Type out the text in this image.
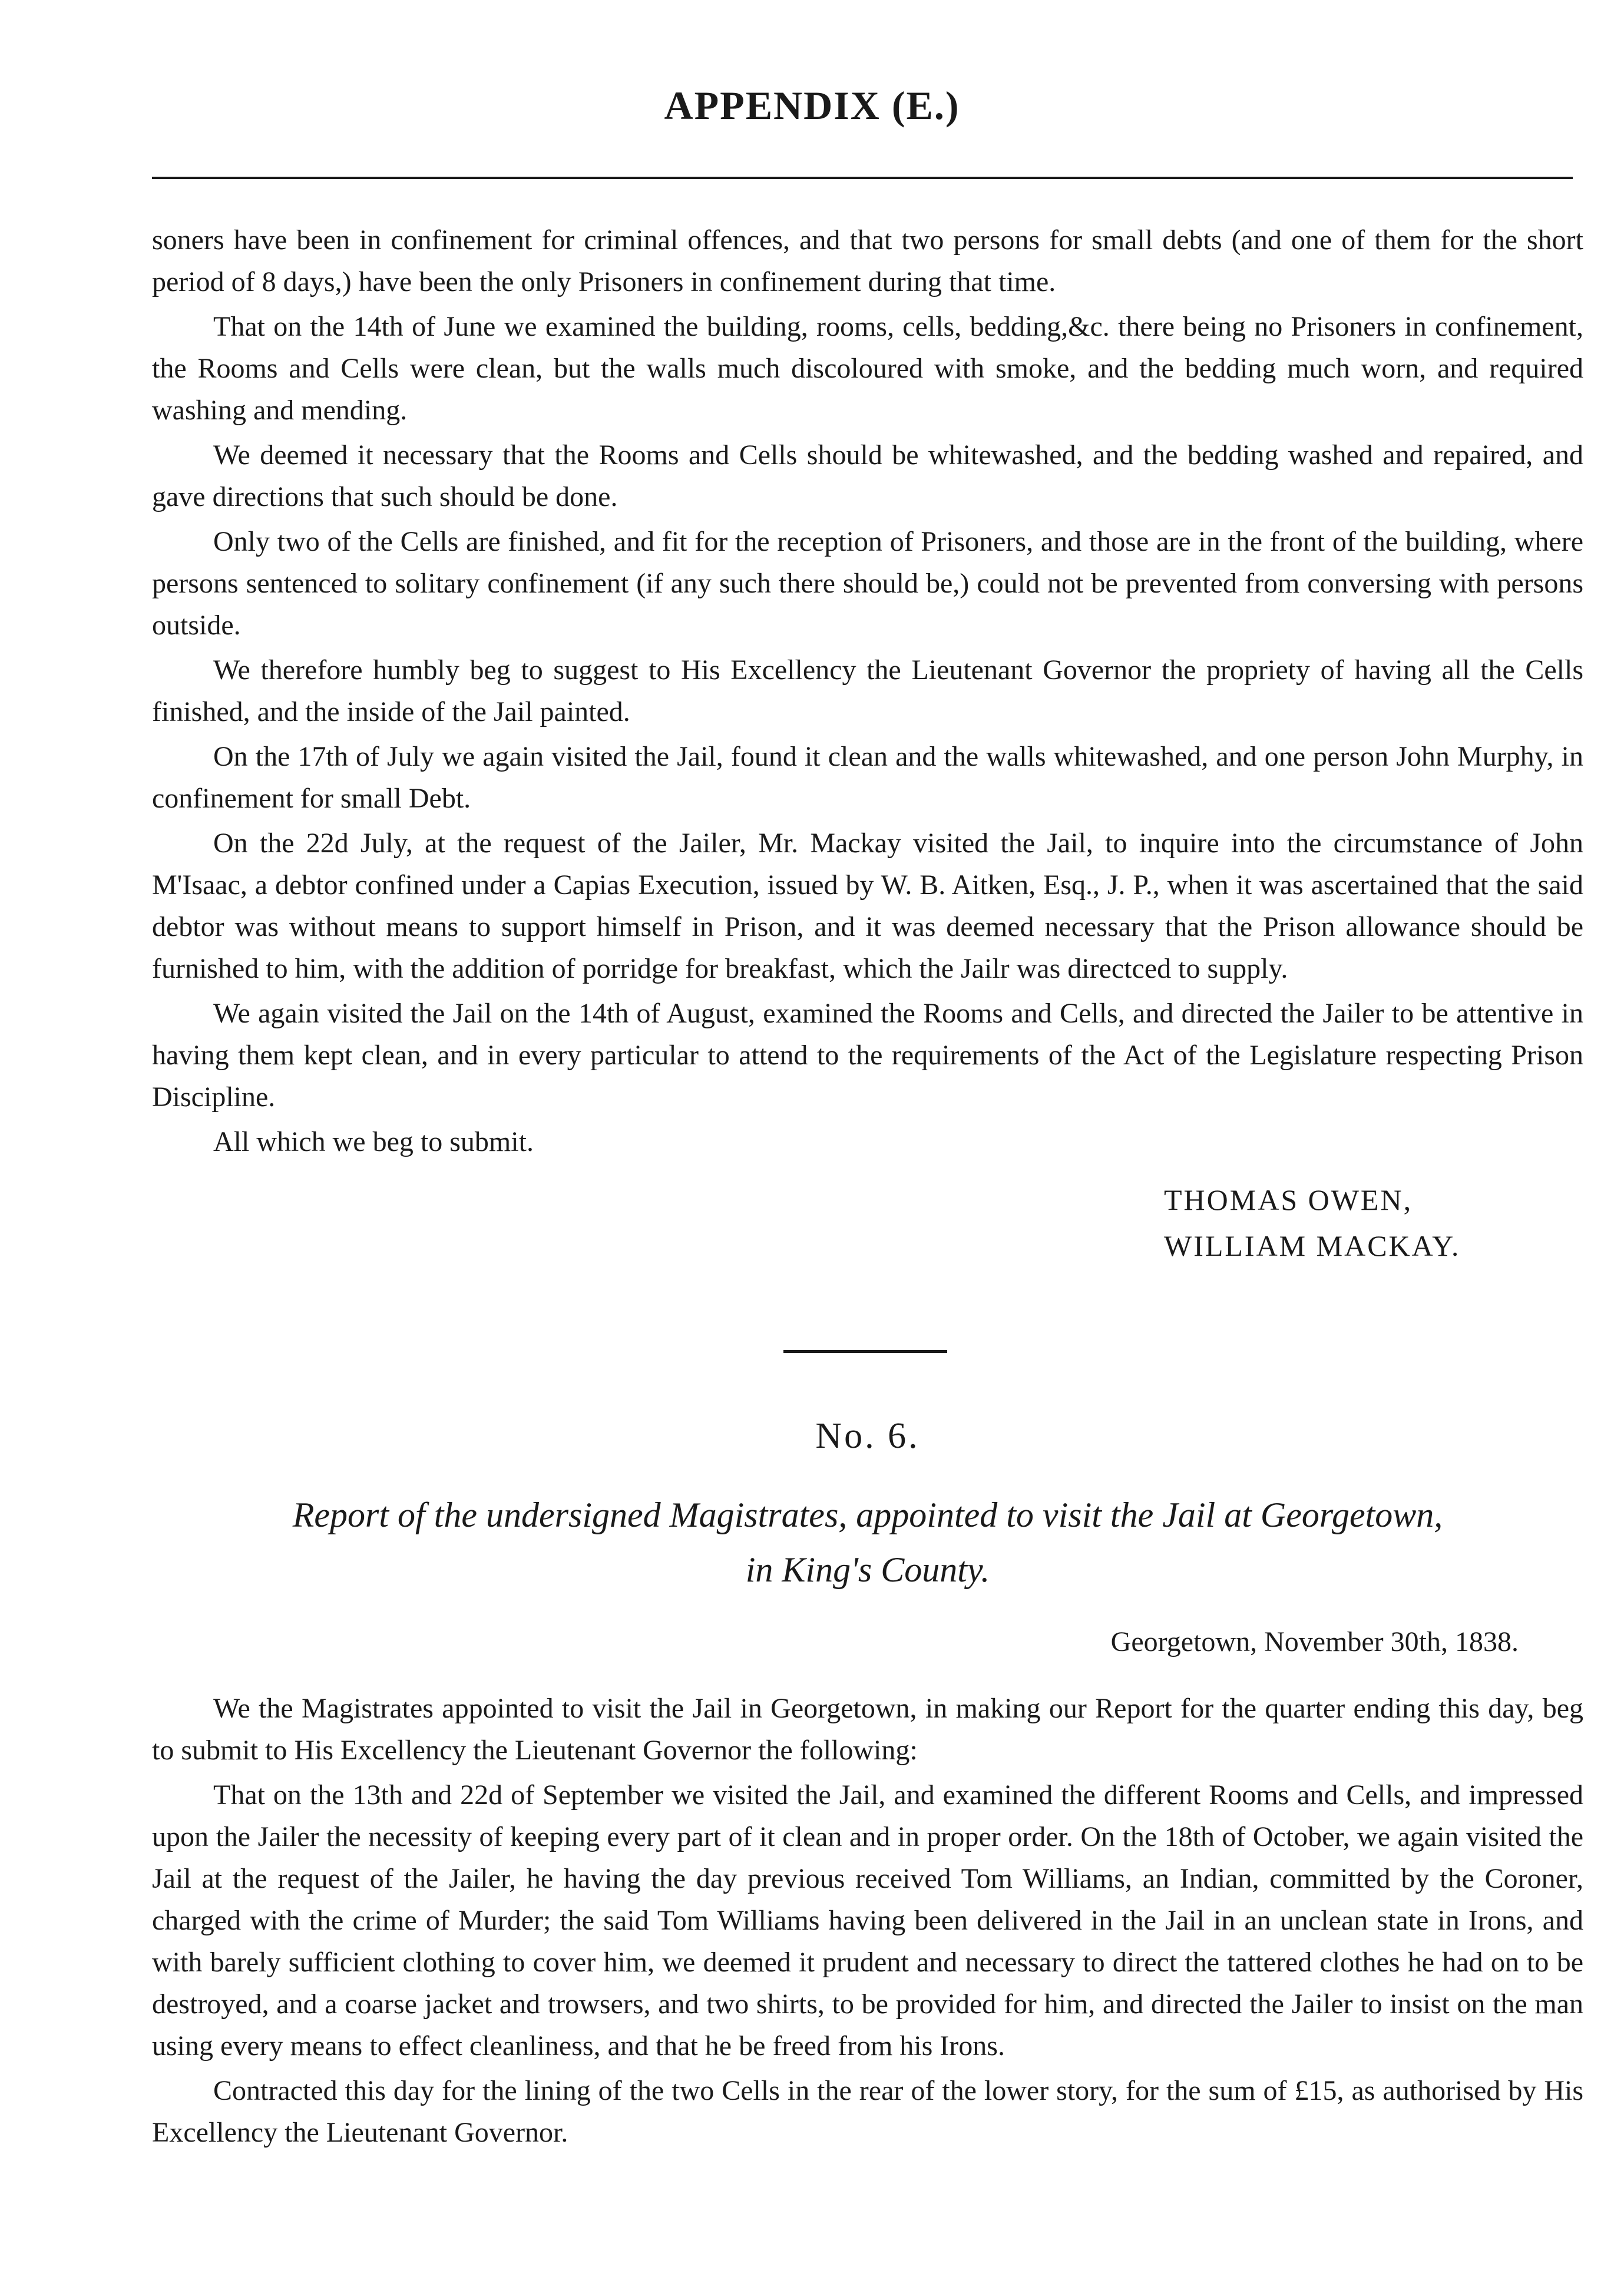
APPENDIX (E.)

soners have been in confinement for criminal offences, and that two persons for small debts (and one of them for the short period of 8 days,) have been the only Prisoners in confinement during that time.

That on the 14th of June we examined the building, rooms, cells, bedding,&c. there being no Prisoners in confinement, the Rooms and Cells were clean, but the walls much discoloured with smoke, and the bedding much worn, and required washing and mending.

We deemed it necessary that the Rooms and Cells should be whitewashed, and the bedding washed and repaired, and gave directions that such should be done.

Only two of the Cells are finished, and fit for the reception of Prisoners, and those are in the front of the building, where persons sentenced to solitary confinement (if any such there should be,) could not be prevented from conversing with persons outside.

We therefore humbly beg to suggest to His Excellency the Lieutenant Governor the propriety of having all the Cells finished, and the inside of the Jail painted.

On the 17th of July we again visited the Jail, found it clean and the walls whitewashed, and one person John Murphy, in confinement for small Debt.

On the 22d July, at the request of the Jailer, Mr. Mackay visited the Jail, to inquire into the circumstance of John M'Isaac, a debtor confined under a Capias Execution, issued by W. B. Aitken, Esq., J. P., when it was ascertained that the said debtor was without means to support himself in Prison, and it was deemed necessary that the Prison allowance should be furnished to him, with the addition of porridge for breakfast, which the Jailr was directced to supply.

We again visited the Jail on the 14th of August, examined the Rooms and Cells, and directed the Jailer to be attentive in having them kept clean, and in every particular to attend to the requirements of the Act of the Legislature respecting Prison Discipline.

All which we beg to submit.

THOMAS OWEN,
WILLIAM MACKAY.
No. 6.
Report of the undersigned Magistrates, appointed to visit the Jail at Georgetown,
in King's County.
Georgetown, November 30th, 1838.

We the Magistrates appointed to visit the Jail in Georgetown, in making our Report for the quarter ending this day, beg to submit to His Excellency the Lieutenant Governor the following:

That on the 13th and 22d of September we visited the Jail, and examined the different Rooms and Cells, and impressed upon the Jailer the necessity of keeping every part of it clean and in proper order. On the 18th of October, we again visited the Jail at the request of the Jailer, he having the day previous received Tom Williams, an Indian, committed by the Coroner, charged with the crime of Murder; the said Tom Williams having been delivered in the Jail in an unclean state in Irons, and with barely sufficient clothing to cover him, we deemed it prudent and necessary to direct the tattered clothes he had on to be destroyed, and a coarse jacket and trowsers, and two shirts, to be provided for him, and directed the Jailer to insist on the man using every means to effect cleanliness, and that he be freed from his Irons.

Contracted this day for the lining of the two Cells in the rear of the lower story, for the sum of £15, as authorised by His Excellency the Lieutenant Governor.
